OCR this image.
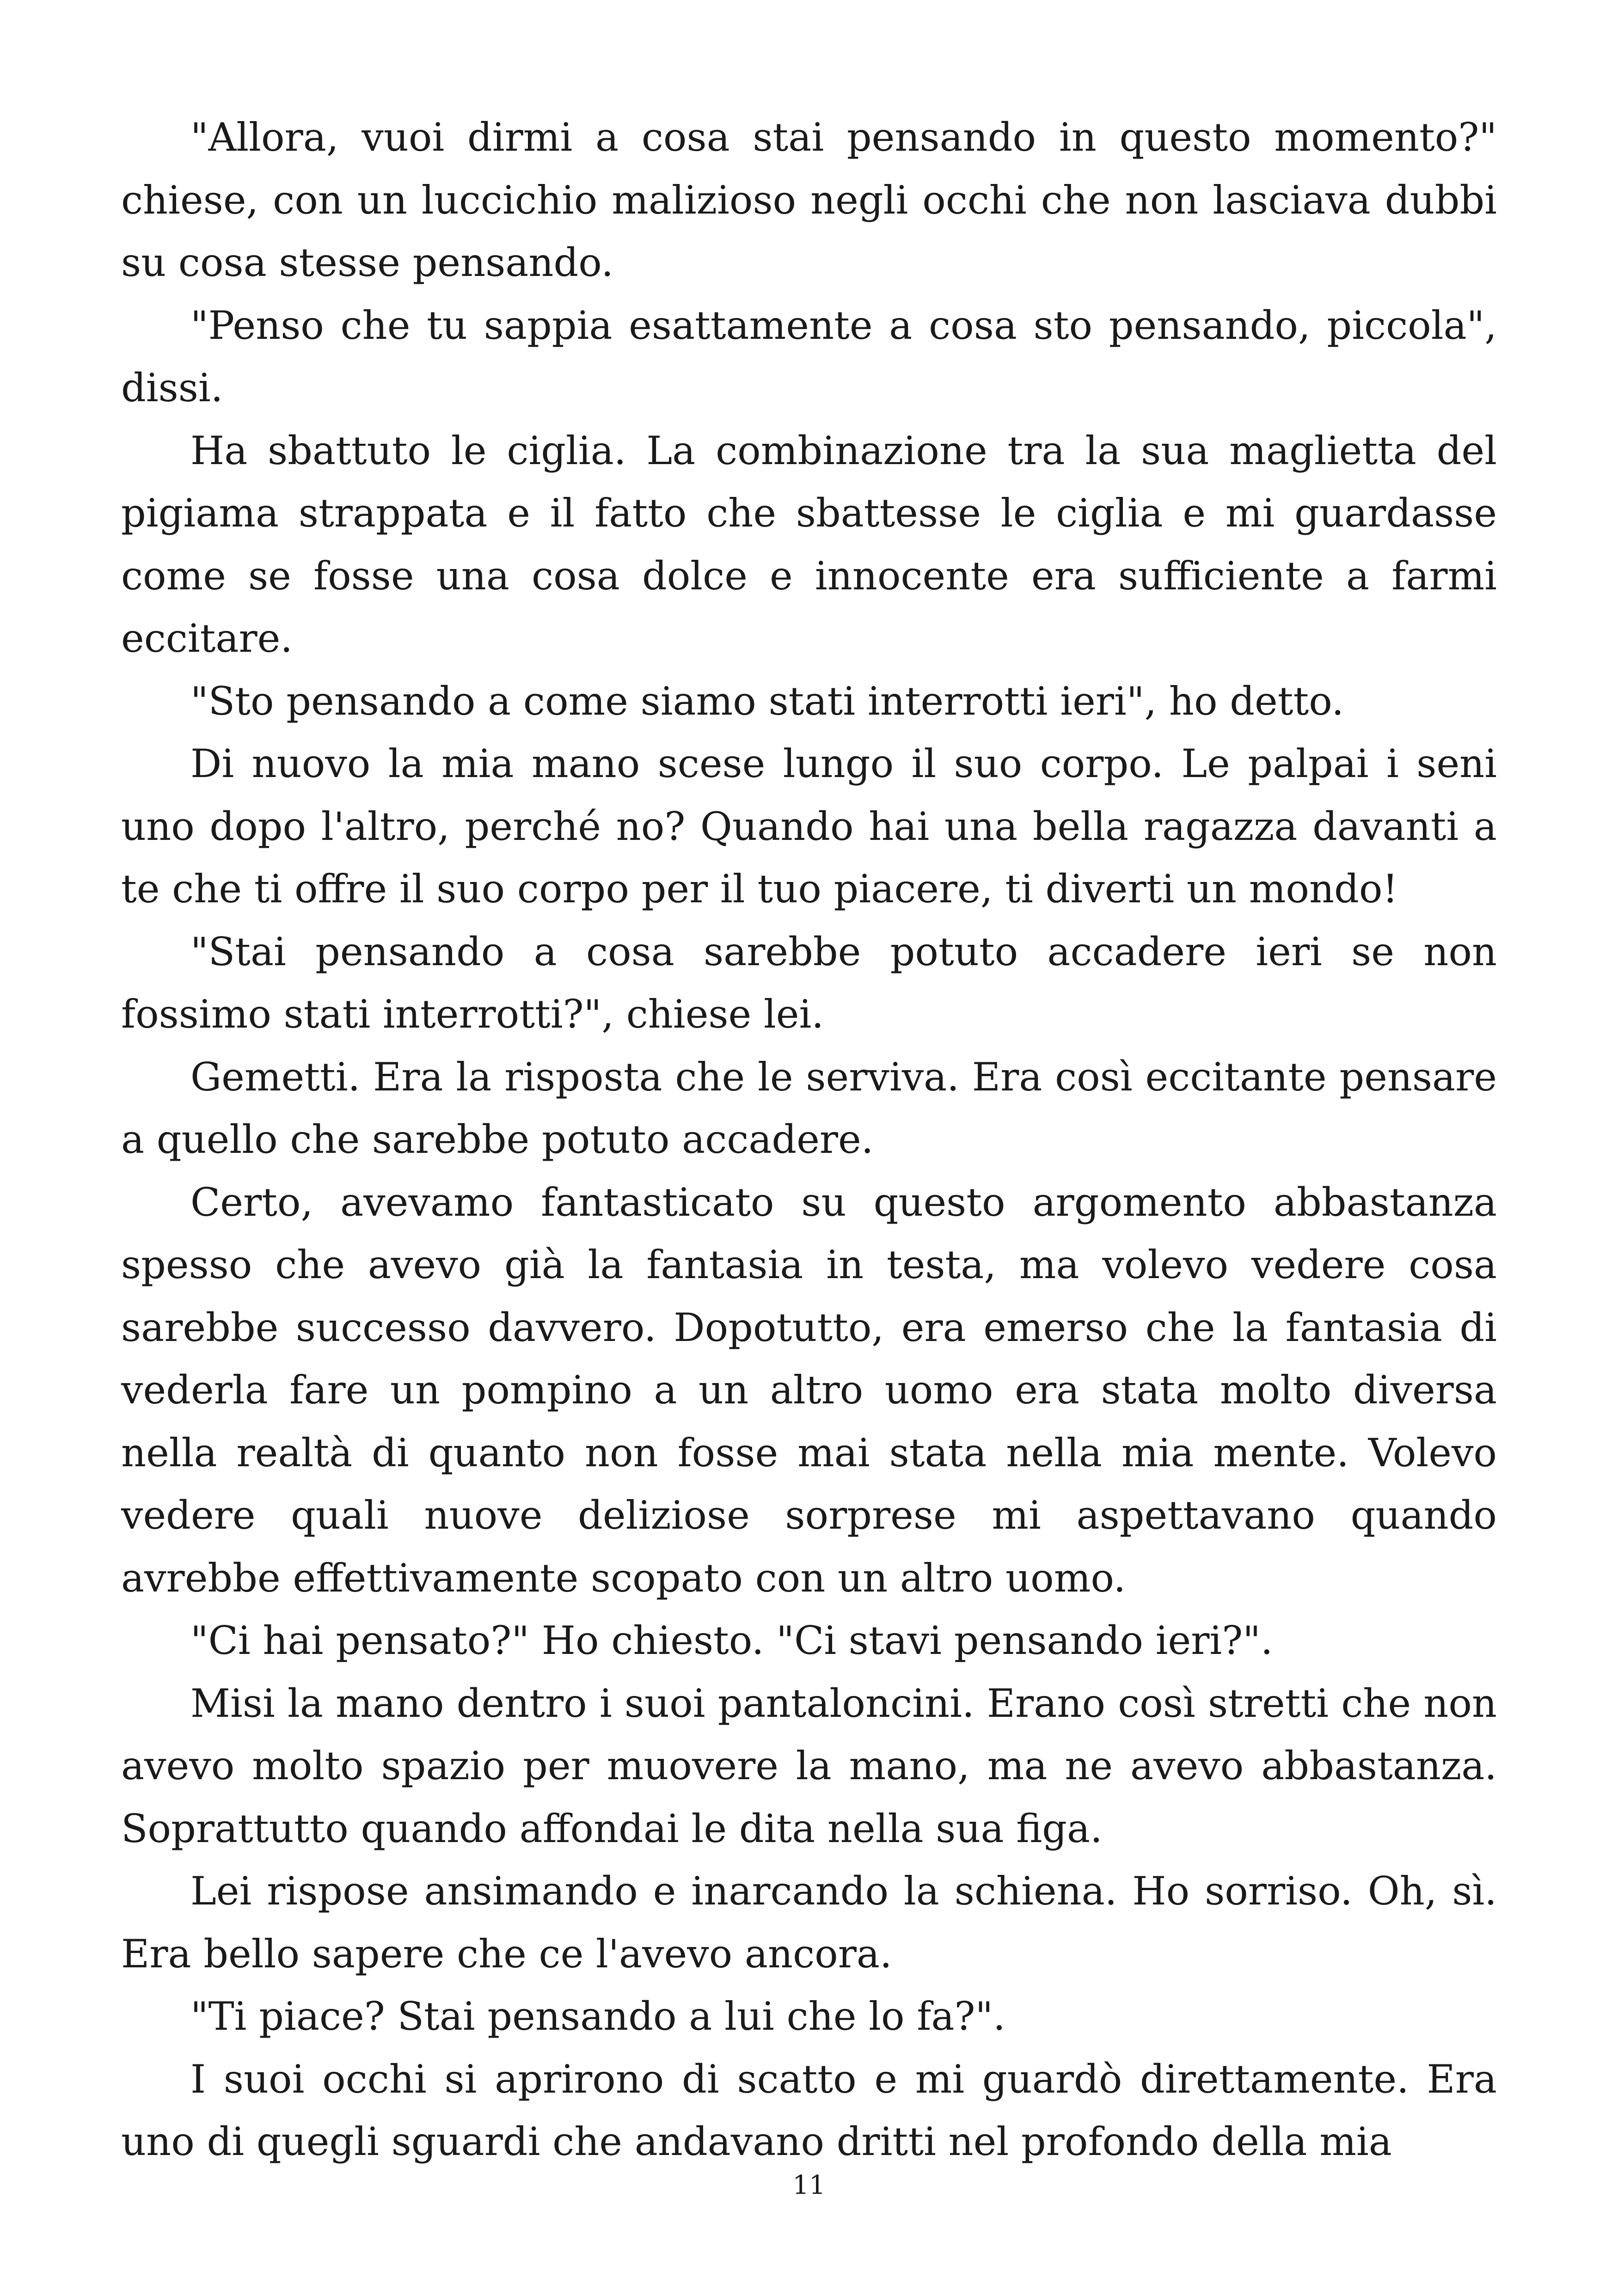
"Allora, vuoi dirmi a cosa stai pensando in questo momento?" chiese, con un luccichio malizioso negli occhi che non lasciava dubbi su cosa stesse pensando.

"Penso che tu sappia esattamente a cosa sto pensando, piccola", dissi.

Ha sbattuto le ciglia. La combinazione tra la sua maglietta del pigiama strappata e il fatto che sbattesse le ciglia e mi guardasse come se fosse una cosa dolce e innocente era sufficiente a farmi eccitare.

"Sto pensando a come siamo stati interrotti ieri", ho detto.

Di nuovo la mia mano scese lungo il suo corpo. Le palpai i seni uno dopo l'altro, perché no? Quando hai una bella ragazza davanti a te che ti offre il suo corpo per il tuo piacere, ti diverti un mondo!

"Stai pensando a cosa sarebbe potuto accadere ieri se non fossimo stati interrotti?", chiese lei.

Gemetti. Era la risposta che le serviva. Era così eccitante pensare a quello che sarebbe potuto accadere.

Certo, avevamo fantasticato su questo argomento abbastanza spesso che avevo già la fantasia in testa, ma volevo vedere cosa sarebbe successo davvero. Dopotutto, era emerso che la fantasia di vederla fare un pompino a un altro uomo era stata molto diversa nella realtà di quanto non fosse mai stata nella mia mente. Volevo vedere quali nuove deliziose sorprese mi aspettavano quando avrebbe effettivamente scopato con un altro uomo.

"Ci hai pensato?" Ho chiesto. "Ci stavi pensando ieri?".

Misi la mano dentro i suoi pantaloncini. Erano così stretti che non avevo molto spazio per muovere la mano, ma ne avevo abbastanza. Soprattutto quando affondai le dita nella sua figa.

Lei rispose ansimando e inarcando la schiena. Ho sorriso. Oh, sì. Era bello sapere che ce l'avevo ancora.

"Ti piace? Stai pensando a lui che lo fa?".

I suoi occhi si aprirono di scatto e mi guardò direttamente. Era uno di quegli sguardi che andavano dritti nel profondo della mia

11
